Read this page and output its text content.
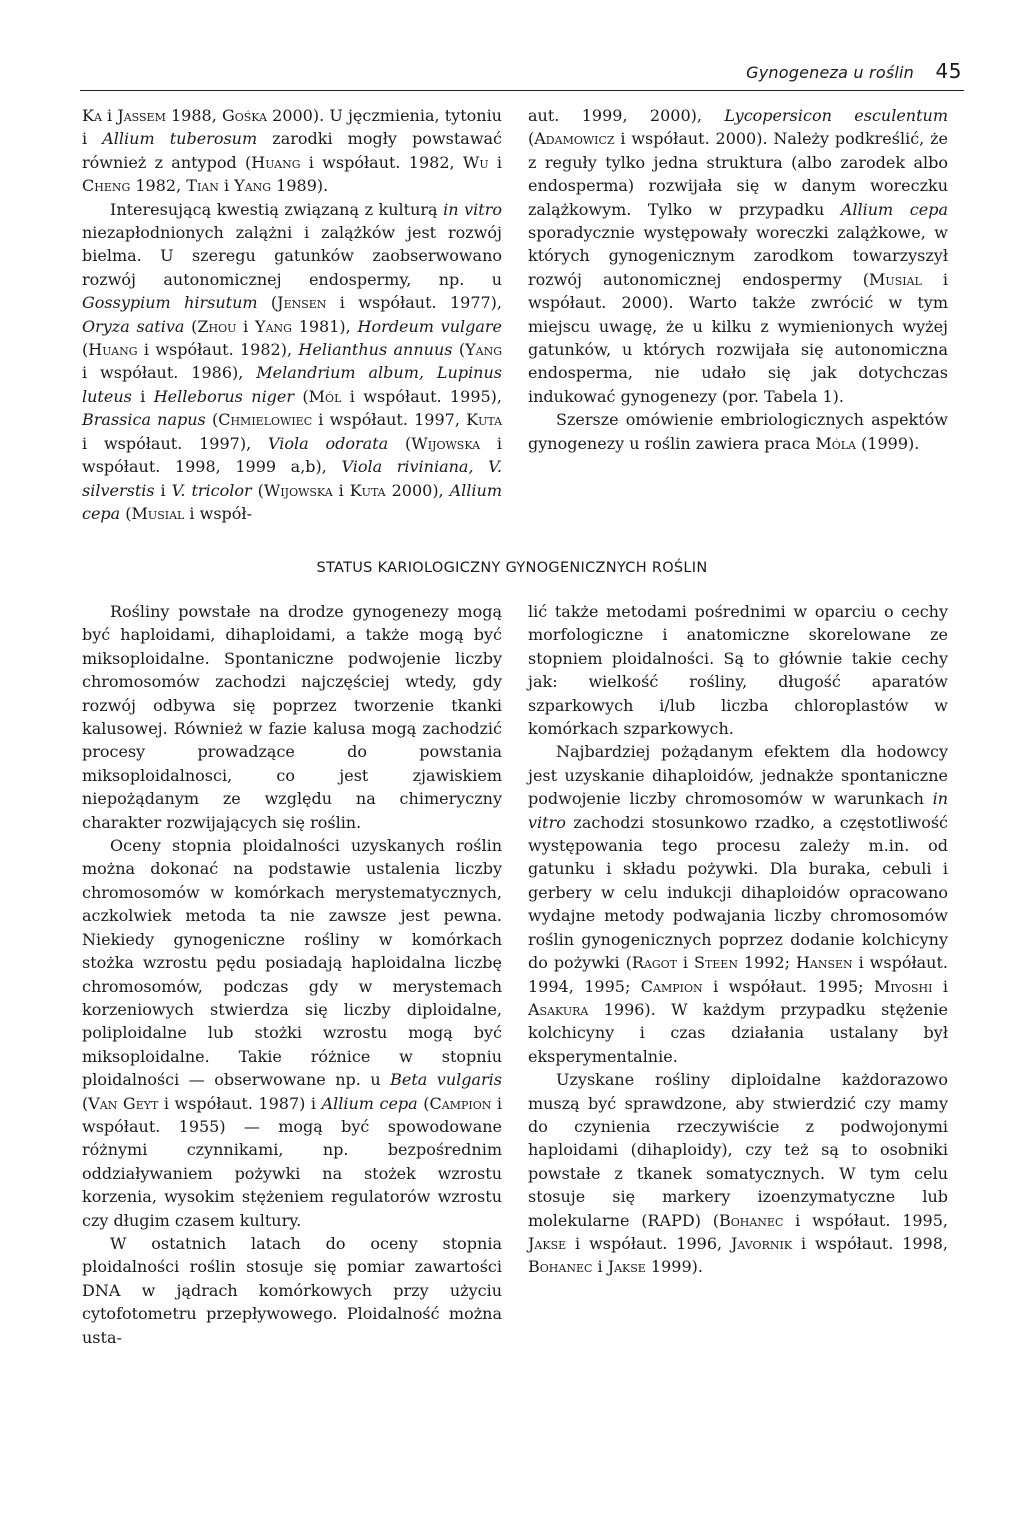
Gynogeneza u roślin 45

Ka i Jassem 1988, Gośka 2000). U jęczmienia, tytoniu i Allium tuberosum zarodki mogły powstawać również z antypod (Huang i współaut. 1982, Wu i Cheng 1982, Tian i Yang 1989).

Interesującą kwestią związaną z kulturą in vitro niezapłodnionych zalążni i zalążków jest rozwój bielma. U szeregu gatunków zaobserwowano rozwój autonomicznej endospermy, np. u Gossypium hirsutum (Jensen i współaut. 1977), Oryza sativa (Zhou i Yang 1981), Hordeum vulgare (Huang i współaut. 1982), Helianthus annuus (Yang i współaut. 1986), Melandrium album, Lupinus luteus i Helleborus niger (Mól i współaut. 1995), Brassica napus (Chmielowiec i współaut. 1997, Kuta i współaut. 1997), Viola odorata (Wijowska i współaut. 1998, 1999 a,b), Viola riviniana, V. silverstis i V. tricolor (Wijowska i Kuta 2000), Allium cepa (Musial i współ-

aut. 1999, 2000), Lycopersicon esculentum (Adamowicz i współaut. 2000). Należy podkreślić, że z reguły tylko jedna struktura (albo zarodek albo endosperma) rozwijała się w danym woreczku zalążkowym. Tylko w przypadku Allium cepa sporadycznie występowały woreczki zalążkowe, w których gynogenicznym zarodkom towarzyszył rozwój autonomicznej endospermy (Musial i współaut. 2000). Warto także zwrócić w tym miejscu uwagę, że u kilku z wymienionych wyżej gatunków, u których rozwijała się autonomiczna endosperma, nie udało się jak dotychczas indukować gynogenezy (por. Tabela 1).

Szersze omówienie embriologicznych aspektów gynogenezy u roślin zawiera praca Móla (1999).

STATUS KARIOLOGICZNY GYNOGENICZNYCH ROŚLIN

Rośliny powstałe na drodze gynogenezy mogą być haploidami, dihaploidami, a także mogą być miksoploidalne. Spontaniczne podwojenie liczby chromosomów zachodzi najczęściej wtedy, gdy rozwój odbywa się poprzez tworzenie tkanki kalusowej. Również w fazie kalusa mogą zachodzić procesy prowadzące do powstania miksoploidalnosci, co jest zjawiskiem niepożądanym ze względu na chimeryczny charakter rozwijających się roślin.

Oceny stopnia ploidalności uzyskanych roślin można dokonać na podstawie ustalenia liczby chromosomów w komórkach merystematycznych, aczkolwiek metoda ta nie zawsze jest pewna. Niekiedy gynogeniczne rośliny w komórkach stożka wzrostu pędu posiadają haploidalna liczbę chromosomów, podczas gdy w merystemach korzeniowych stwierdza się liczby diploidalne, poliploidalne lub stożki wzrostu mogą być miksoploidalne. Takie różnice w stopniu ploidalności — obserwowane np. u Beta vulgaris (Van Geyt i współaut. 1987) i Allium cepa (Campion i współaut. 1955) — mogą być spowodowane różnymi czynnikami, np. bezpośrednim oddziaływaniem pożywki na stożek wzrostu korzenia, wysokim stężeniem regulatorów wzrostu czy długim czasem kultury.

W ostatnich latach do oceny stopnia ploidalności roślin stosuje się pomiar zawartości DNA w jądrach komórkowych przy użyciu cytofotometru przepływowego. Ploidalność można usta-

lić także metodami pośrednimi w oparciu o cechy morfologiczne i anatomiczne skorelowane ze stopniem ploidalności. Są to głównie takie cechy jak: wielkość rośliny, długość aparatów szparkowych i/lub liczba chloroplastów w komórkach szparkowych.

Najbardziej pożądanym efektem dla hodowcy jest uzyskanie dihaploidów, jednakże spontaniczne podwojenie liczby chromosomów w warunkach in vitro zachodzi stosunkowo rzadko, a częstotliwość występowania tego procesu zależy m.in. od gatunku i składu pożywki. Dla buraka, cebuli i gerbery w celu indukcji dihaploidów opracowano wydajne metody podwajania liczby chromosomów roślin gynogenicznych poprzez dodanie kolchicyny do pożywki (Ragot i Steen 1992; Hansen i współaut. 1994, 1995; Campion i współaut. 1995; Miyoshi i Asakura 1996). W każdym przypadku stężenie kolchicyny i czas działania ustalany był eksperymentalnie.

Uzyskane rośliny diploidalne każdorazowo muszą być sprawdzone, aby stwierdzić czy mamy do czynienia rzeczywiście z podwojonymi haploidami (dihaploidy), czy też są to osobniki powstałe z tkanek somatycznych. W tym celu stosuje się markery izoenzymatyczne lub molekularne (RAPD) (Bohanec i współaut. 1995, Jakse i współaut. 1996, Javornik i współaut. 1998, Bohanec i Jakse 1999).
